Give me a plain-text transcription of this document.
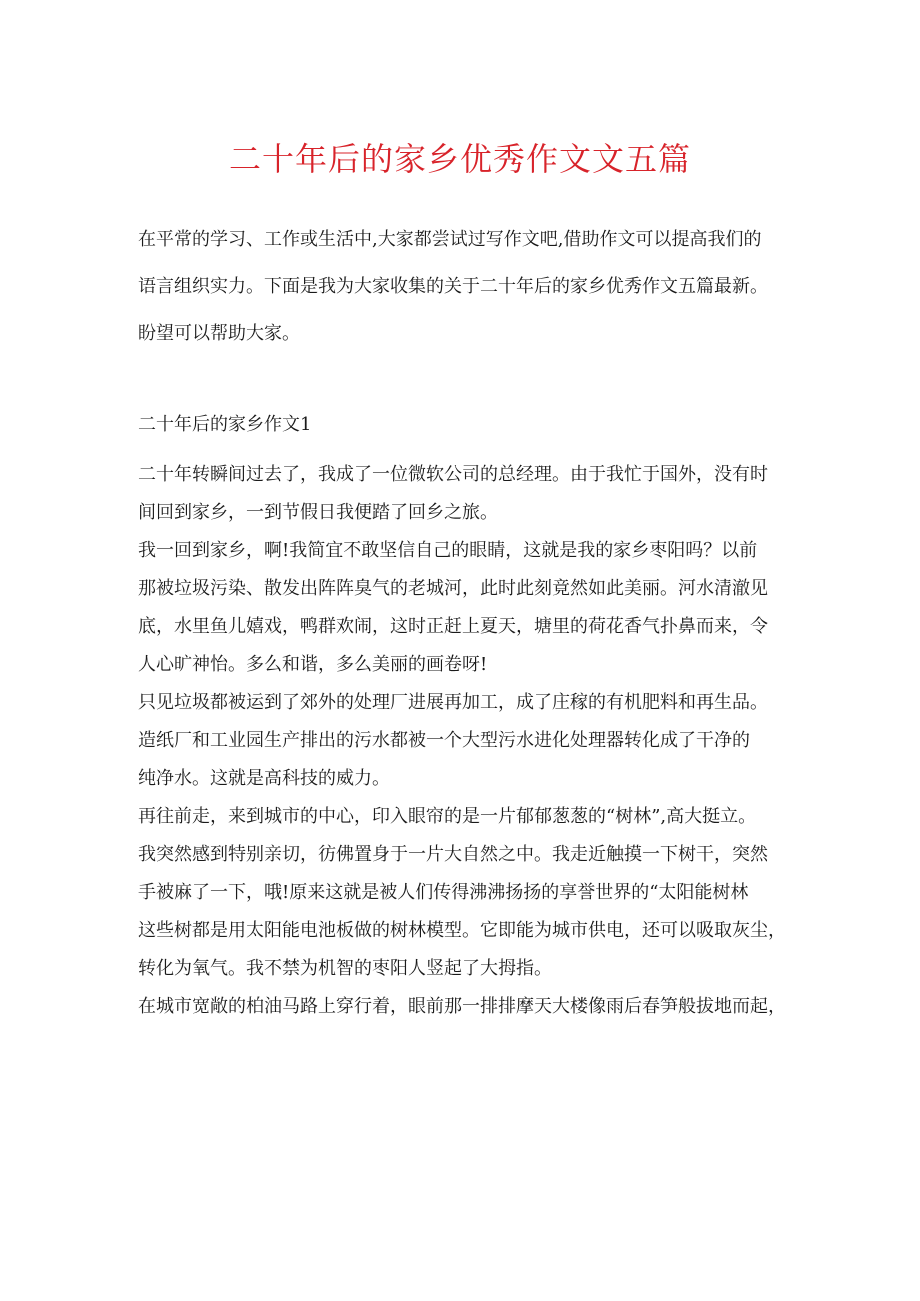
二十年后的家乡优秀作文文五篇
在平常的学习、工作或生活中,大家都尝试过写作文吧,借助作文可以提高我们的
语言组织实力。下面是我为大家收集的关于二十年后的家乡优秀作文五篇最新。
盼望可以帮助大家。
二十年后的家乡作文1
二十年转瞬间过去了，我成了一位微软公司的总经理。由于我忙于国外，没有时
间回到家乡，一到节假日我便踏了回乡之旅。
我一回到家乡，啊!我简宜不敢坚信自己的眼睛，这就是我的家乡枣阳吗？以前
那被垃圾污染、散发出阵阵臭气的老城河，此时此刻竟然如此美丽。河水清澈见
底，水里鱼儿嬉戏，鸭群欢闹，这时正赶上夏天，塘里的荷花香气扑鼻而来，令
人心旷神怡。多么和谐，多么美丽的画卷呀!
只见垃圾都被运到了郊外的处理厂进展再加工，成了庄稼的有机肥料和再生品。
造纸厂和工业园生产排出的污水都被一个大型污水进化处理器转化成了干净的
纯净水。这就是高科技的威力。
再往前走，来到城市的中心，印入眼帘的是一片郁郁葱葱的“树林”,高大挺立。
我突然感到特别亲切，彷佛置身于一片大自然之中。我走近触摸一下树干，突然
手被麻了一下，哦!原来这就是被人们传得沸沸扬扬的享誉世界的“太阳能树林
这些树都是用太阳能电池板做的树林模型。它即能为城市供电，还可以吸取灰尘，
转化为氧气。我不禁为机智的枣阳人竖起了大拇指。
在城市宽敞的柏油马路上穿行着，眼前那一排排摩天大楼像雨后春笋般拔地而起，
